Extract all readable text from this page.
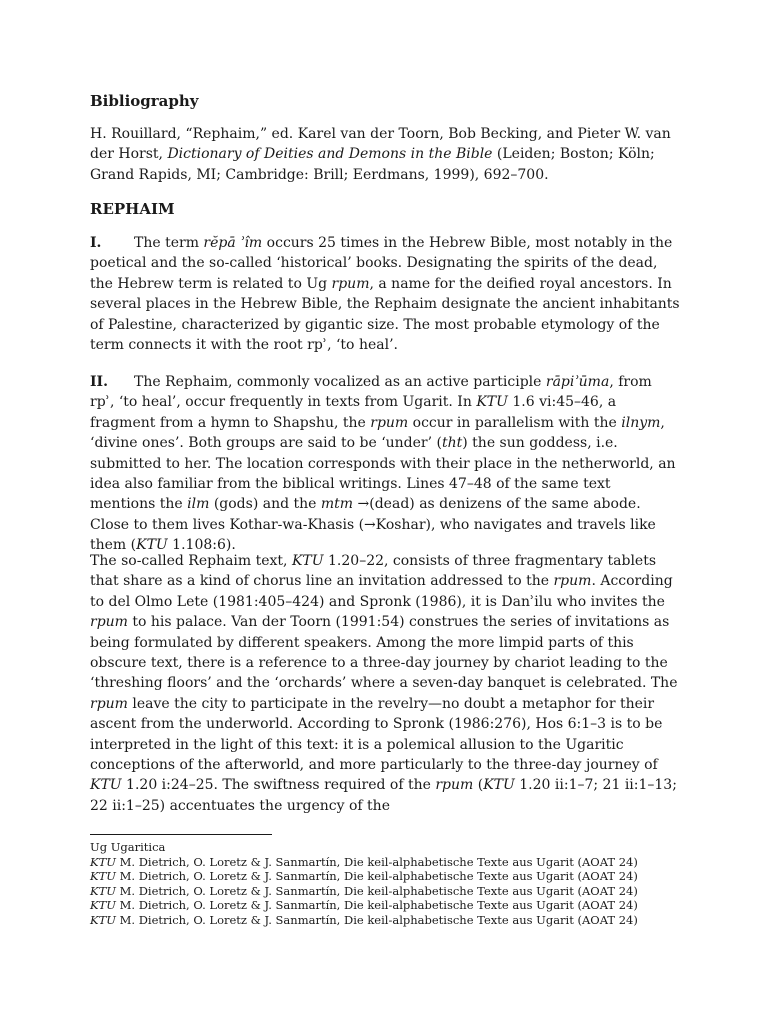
Bibliography

H. Rouillard, “Rephaim,” ed. Karel van der Toorn, Bob Becking, and Pieter W. van der Horst, Dictionary of Deities and Demons in the Bible (Leiden; Boston; Köln; Grand Rapids, MI; Cambridge: Brill; Eerdmans, 1999), 692–700.

REPHAIM

I. The term rĕpā ʾîm occurs 25 times in the Hebrew Bible, most notably in the poetical and the so-called ‘historical’ books. Designating the spirits of the dead, the Hebrew term is related to Ug rpum, a name for the deified royal ancestors. In several places in the Hebrew Bible, the Rephaim designate the ancient inhabitants of Palestine, characterized by gigantic size. The most probable etymology of the term connects it with the root rpʾ, ‘to heal’.

II. The Rephaim, commonly vocalized as an active participle rāpiʾūma, from rpʾ, ‘to heal’, occur frequently in texts from Ugarit. In KTU 1.6 vi:45–46, a fragment from a hymn to Shapshu, the rpum occur in parallelism with the ilnym, ‘divine ones’. Both groups are said to be ‘under’ (tht) the sun goddess, i.e. submitted to her. The location corresponds with their place in the netherworld, an idea also familiar from the biblical writings. Lines 47–48 of the same text mentions the ilm (gods) and the mtm →(dead) as denizens of the same abode. Close to them lives Kothar-wa-Khasis (→Koshar), who navigates and travels like them (KTU 1.108:6).

The so-called Rephaim text, KTU 1.20–22, consists of three fragmentary tablets that share as a kind of chorus line an invitation addressed to the rpum. According to del Olmo Lete (1981:405–424) and Spronk (1986), it is Danʾilu who invites the rpum to his palace. Van der Toorn (1991:54) construes the series of invitations as being formulated by different speakers. Among the more limpid parts of this obscure text, there is a reference to a three-day journey by chariot leading to the ‘threshing floors’ and the ‘orchards’ where a seven-day banquet is celebrated. The rpum leave the city to participate in the revelry—no doubt a metaphor for their ascent from the underworld. According to Spronk (1986:276), Hos 6:1–3 is to be interpreted in the light of this text: it is a polemical allusion to the Ugaritic conceptions of the afterworld, and more particularly to the three-day journey of KTU 1.20 i:24–25. The swiftness required of the rpum (KTU 1.20 ii:1–7; 21 ii:1–13; 22 ii:1–25) accentuates the urgency of the

Ug Ugaritica
KTU M. Dietrich, O. Loretz & J. Sanmartín, Die keil-alphabetische Texte aus Ugarit (AOAT 24)
KTU M. Dietrich, O. Loretz & J. Sanmartín, Die keil-alphabetische Texte aus Ugarit (AOAT 24)
KTU M. Dietrich, O. Loretz & J. Sanmartín, Die keil-alphabetische Texte aus Ugarit (AOAT 24)
KTU M. Dietrich, O. Loretz & J. Sanmartín, Die keil-alphabetische Texte aus Ugarit (AOAT 24)
KTU M. Dietrich, O. Loretz & J. Sanmartín, Die keil-alphabetische Texte aus Ugarit (AOAT 24)
